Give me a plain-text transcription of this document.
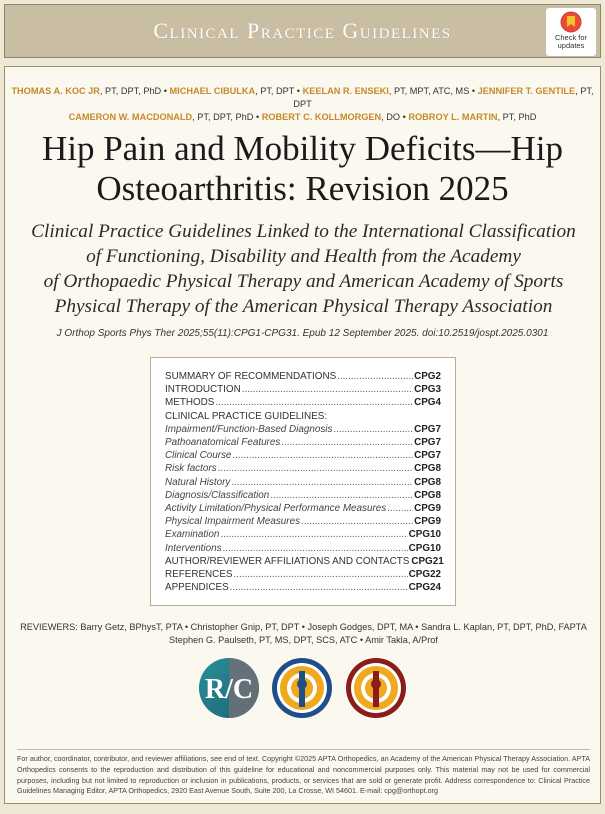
Clinical Practice Guidelines	Check for
updates
THOMAS A. KOC JR, PT, DPT, PhD • MICHAEL CIBULKA, PT, DPT • KEELAN R. ENSEKI, PT, MPT, ATC, MS • JENNIFER T. GENTILE, PT, DPT
CAMERON W. MACDONALD, PT, DPT, PhD • ROBERT C. KOLLMORGEN, DO • ROBROY L. MARTIN, PT, PhD
Hip Pain and Mobility Deficits—Hip
Osteoarthritis: Revision 2025
Clinical Practice Guidelines Linked to the International Classification
of Functioning, Disability and Health from the Academy
of Orthopaedic Physical Therapy and American Academy of Sports
Physical Therapy of the American Physical Therapy Association
J Orthop Sports Phys Ther 2025;55(11):CPG1-CPG31. Epub 12 September 2025. doi:10.2519/jospt.2025.0301
SUMMARY OF RECOMMENDATIONS .....	CPG2
INTRODUCTION .....	CPG3
METHODS .....	CPG4
CLINICAL PRACTICE GUIDELINES:
Impairment/Function-Based Diagnosis .....	CPG7
Pathoanatomical Features .....	CPG7
Clinical Course .....	CPG7
Risk factors .....	CPG8
Natural History .....	CPG8
Diagnosis/Classification .....	CPG8
Activity Limitation/Physical Performance Measures .....	CPG9
Physical Impairment Measures .....	CPG9
Examination .....	CPG10
Interventions .....	CPG10
AUTHOR/REVIEWER AFFILIATIONS AND CONTACTS CPG21
REFERENCES .....	CPG22
APPENDICES .....	CPG24
REVIEWERS: Barry Getz, BPhysT, PTA • Christopher Gnip, PT, DPT • Joseph Godges, DPT, MA • Sandra L. Kaplan, PT, DPT, PhD, FAPTA
Stephen G. Paulseth, PT, MS, DPT, SCS, ATC • Amir Takla, A/Prof
R/C
For author, coordinator, contributor, and reviewer affiliations, see end of text. Copyright ©2025 APTA Orthopedics, an Academy of the American Physical Therapy Association. APTA Orthopedics consents to the reproduction and distribution of this guideline for educational and noncommercial purposes only. This material may not be used for commercial purposes, including but not limited to reproduction or inclusion in publications, products, or services that are sold or generate profit. Address correspondence to: Clinical Practice Guidelines Managing Editor, APTA Orthopedics, 2920 East Avenue South, Suite 200, La Crosse, WI 54601. E-mail: cpg@orthopt.org
